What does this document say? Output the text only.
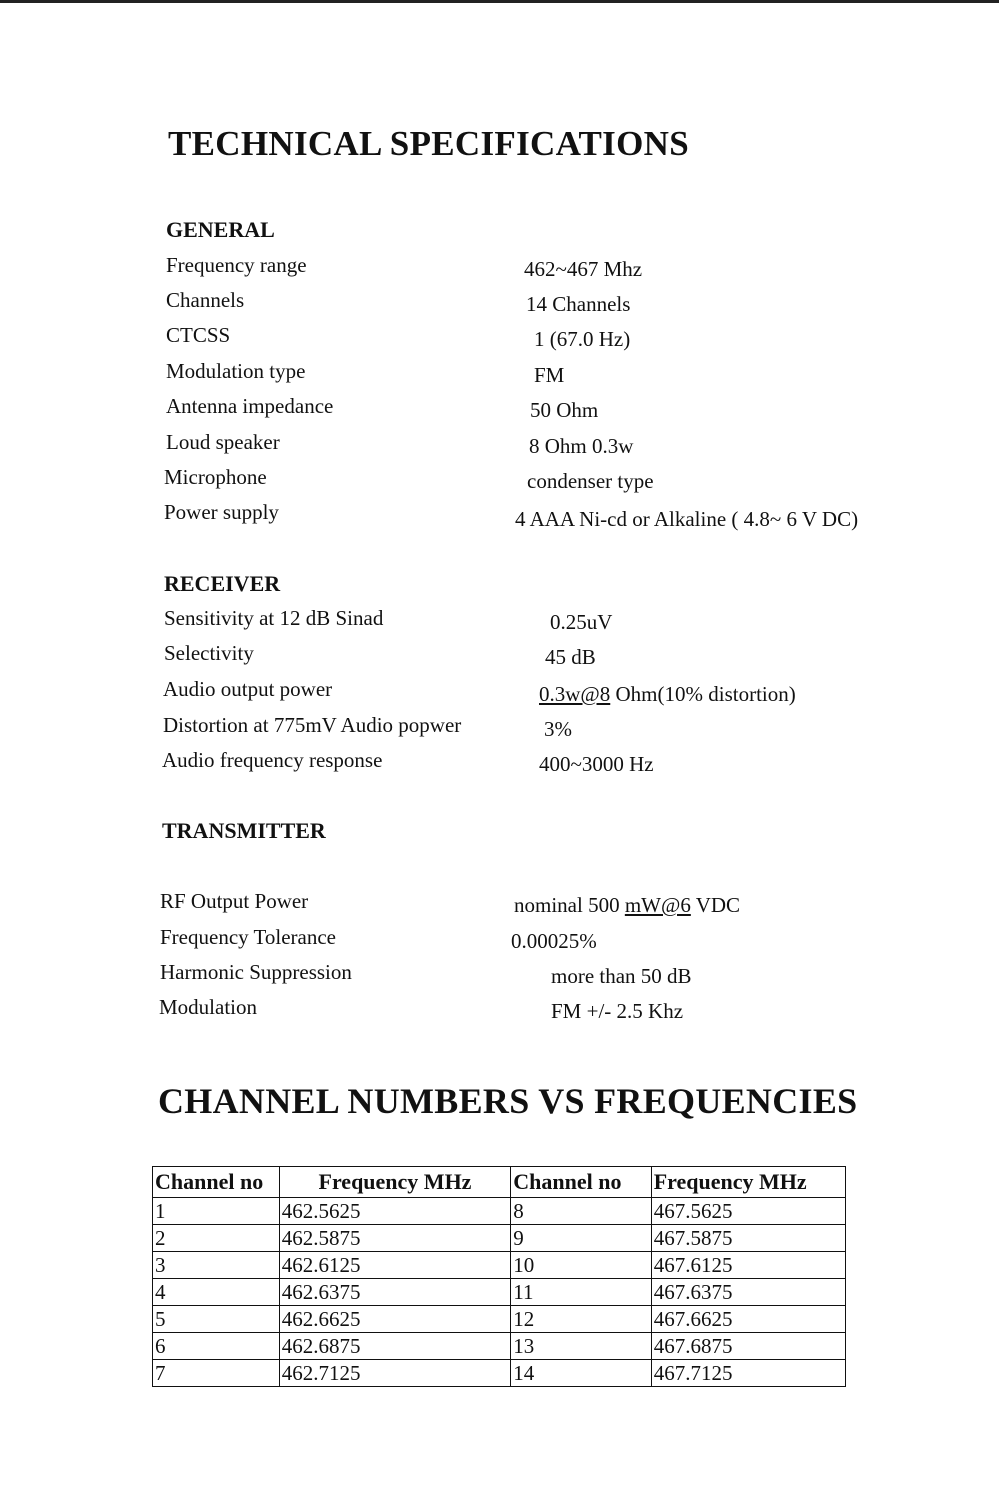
TECHNICAL SPECIFICATIONS
GENERAL
Frequency range	462~467 Mhz
Channels	14 Channels
CTCSS	1 (67.0 Hz)
Modulation type	FM
Antenna impedance	50 Ohm
Loud speaker	8 Ohm 0.3w
Microphone	condenser type
Power supply	4 AAA Ni-cd or Alkaline ( 4.8~ 6 V DC)
RECEIVER
Sensitivity at 12 dB Sinad	0.25uV
Selectivity	45 dB
Audio output power	0.3w@8 Ohm(10% distortion)
Distortion at 775mV Audio popwer	3%
Audio frequency response	400~3000 Hz
TRANSMITTER
RF Output Power	nominal 500 mW@6 VDC
Frequency Tolerance	0.00025%
Harmonic Suppression	more than 50 dB
Modulation	FM +/- 2.5 Khz
CHANNEL NUMBERS VS FREQUENCIES
Channel no	Frequency MHz	Channel no	Frequency MHz
1	462.5625	8	467.5625
2	462.5875	9	467.5875
3	462.6125	10	467.6125
4	462.6375	11	467.6375
5	462.6625	12	467.6625
6	462.6875	13	467.6875
7	462.7125	14	467.7125
